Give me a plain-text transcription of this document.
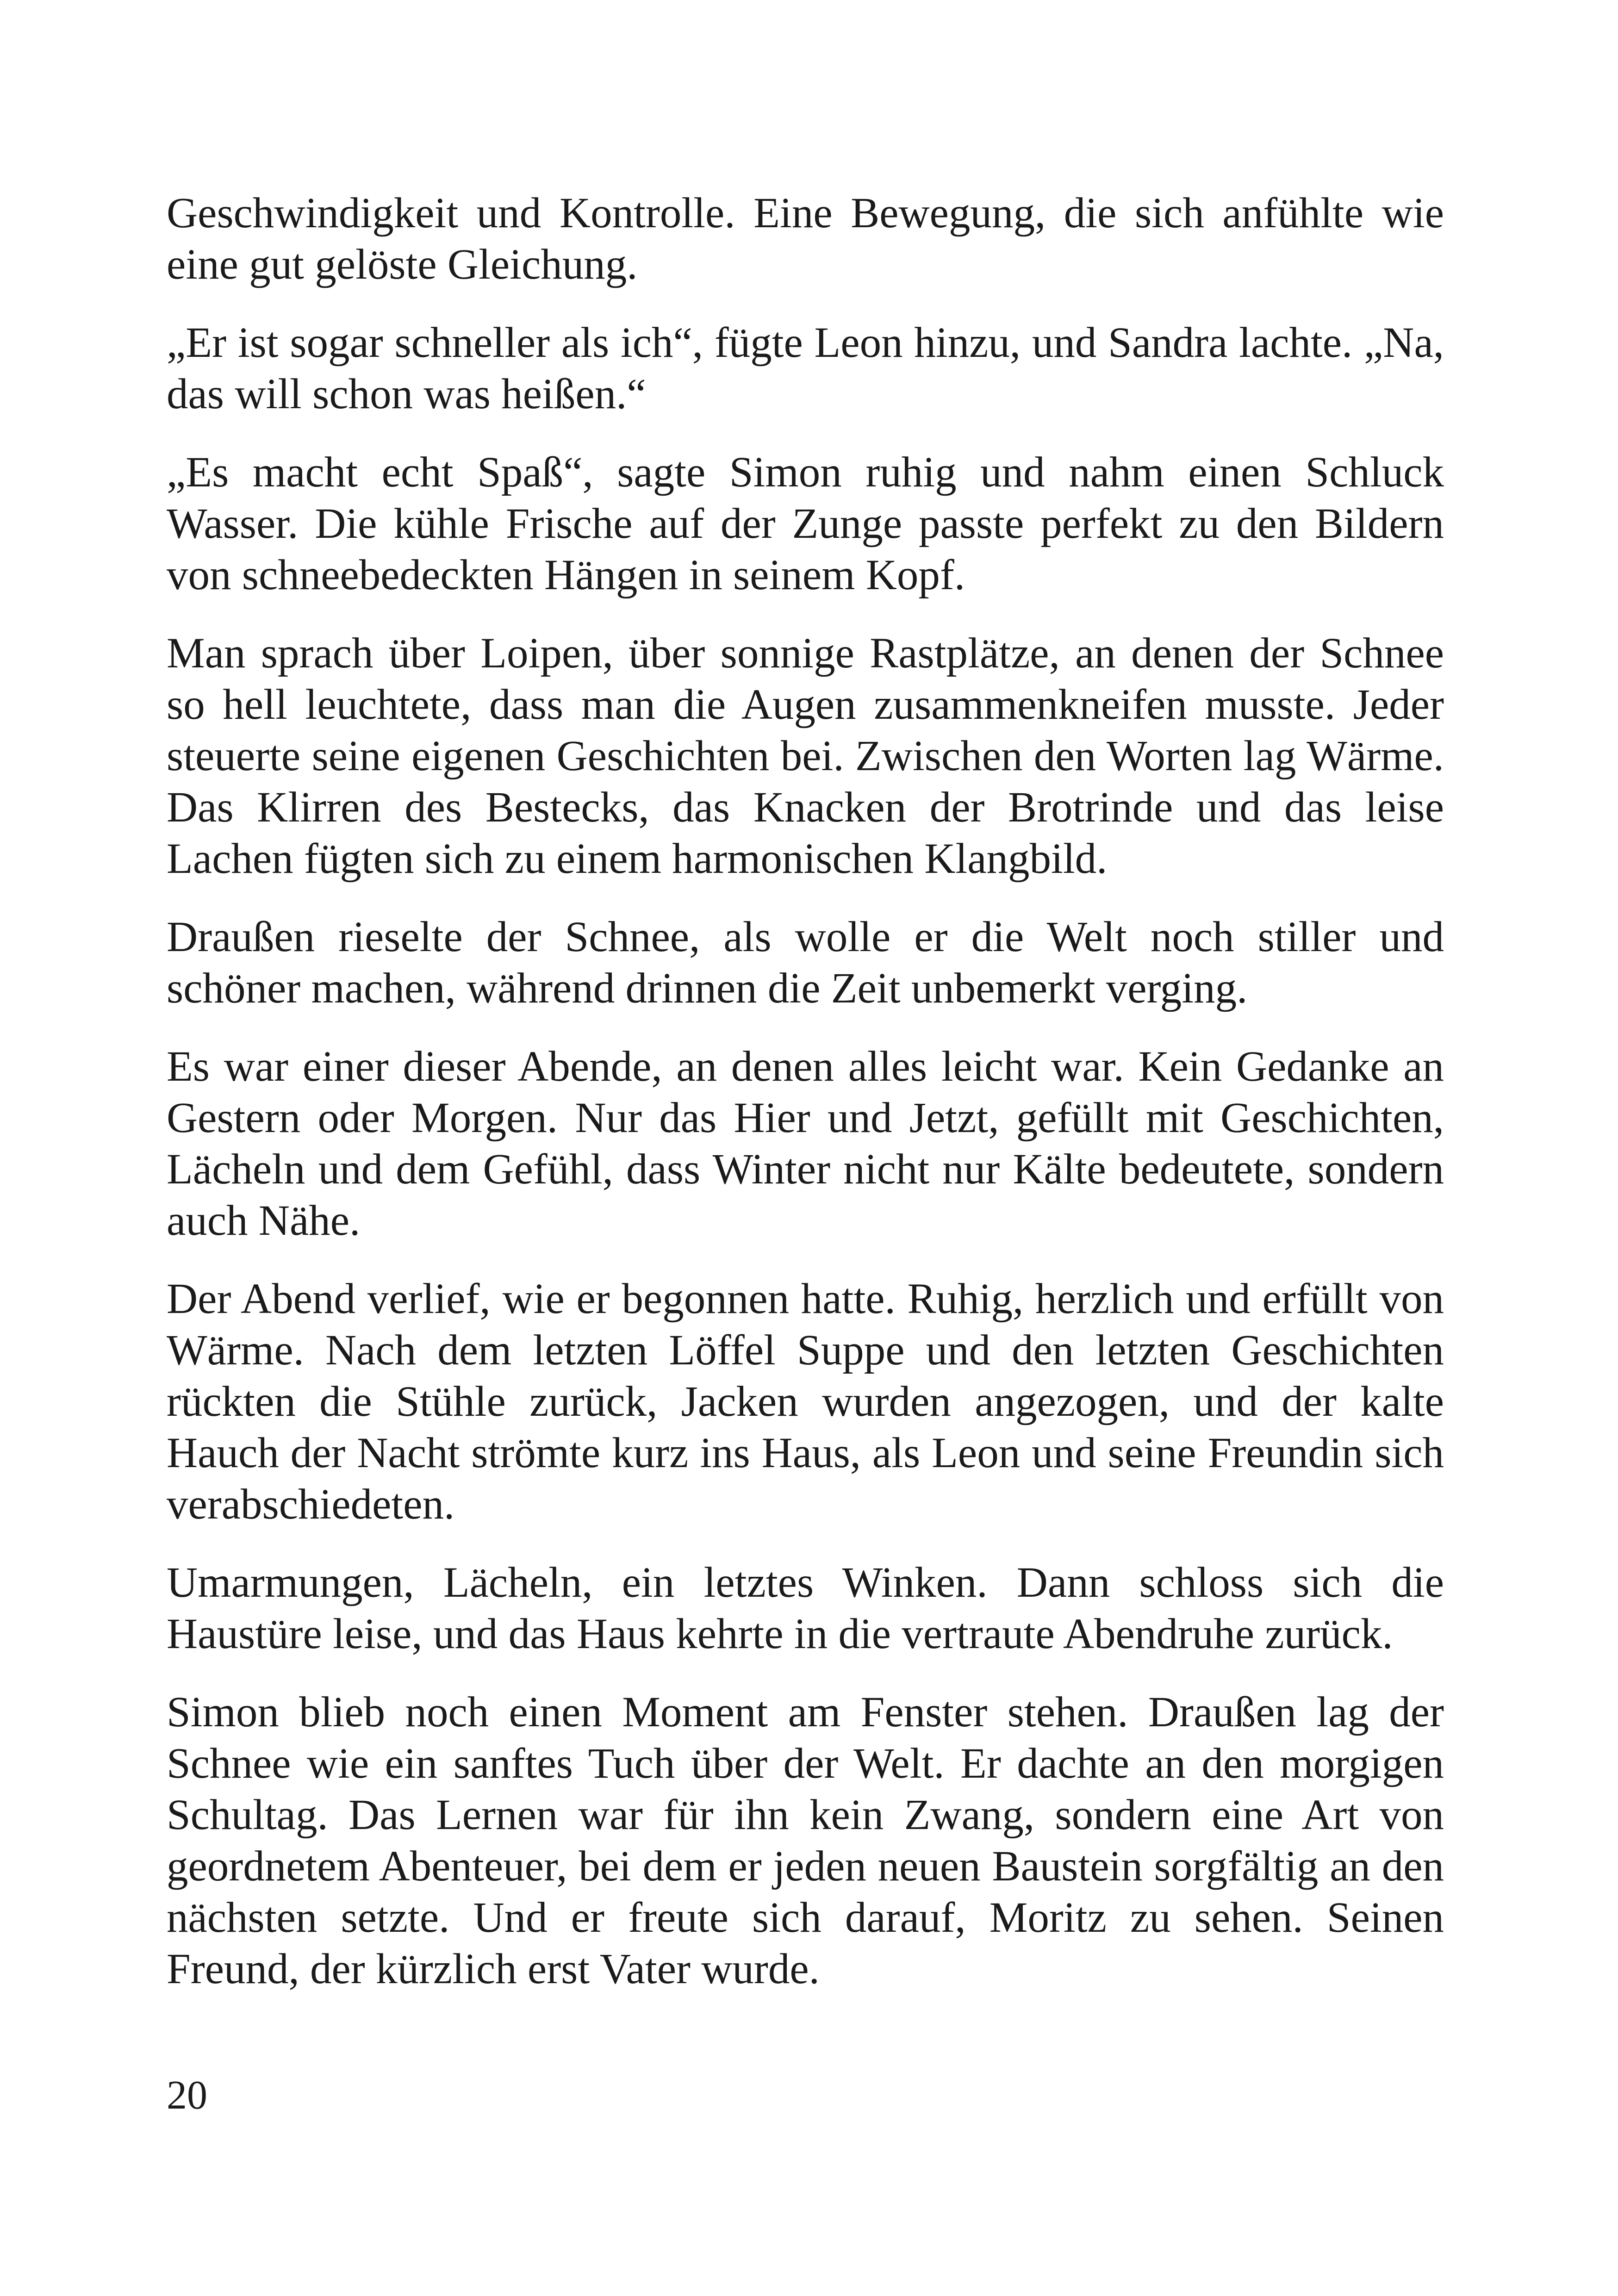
Geschwindigkeit und Kontrolle. Eine Bewegung, die sich anfühlte wie eine gut gelöste Gleichung.

„Er ist sogar schneller als ich“, fügte Leon hinzu, und Sandra lachte. „Na, das will schon was heißen.“

„Es macht echt Spaß“, sagte Simon ruhig und nahm einen Schluck Wasser. Die kühle Frische auf der Zunge passte perfekt zu den Bildern von schneebedeckten Hängen in seinem Kopf.

Man sprach über Loipen, über sonnige Rastplätze, an denen der Schnee so hell leuchtete, dass man die Augen zusammenkneifen musste. Jeder steuerte seine eigenen Geschichten bei. Zwischen den Worten lag Wärme. Das Klirren des Bestecks, das Knacken der Brotrinde und das leise Lachen fügten sich zu einem harmonischen Klangbild.

Draußen rieselte der Schnee, als wolle er die Welt noch stiller und schöner machen, während drinnen die Zeit unbemerkt verging.

Es war einer dieser Abende, an denen alles leicht war. Kein Gedanke an Gestern oder Morgen. Nur das Hier und Jetzt, gefüllt mit Geschichten, Lächeln und dem Gefühl, dass Winter nicht nur Kälte bedeutete, sondern auch Nähe.

Der Abend verlief, wie er begonnen hatte. Ruhig, herzlich und erfüllt von Wärme. Nach dem letzten Löffel Suppe und den letzten Geschichten rückten die Stühle zurück, Jacken wurden angezogen, und der kalte Hauch der Nacht strömte kurz ins Haus, als Leon und seine Freundin sich verabschiedeten.

Umarmungen, Lächeln, ein letztes Winken. Dann schloss sich die Haustüre leise, und das Haus kehrte in die vertraute Abendruhe zurück.

Simon blieb noch einen Moment am Fenster stehen. Draußen lag der Schnee wie ein sanftes Tuch über der Welt. Er dachte an den morgigen Schultag. Das Lernen war für ihn kein Zwang, sondern eine Art von geordnetem Abenteuer, bei dem er jeden neuen Baustein sorgfältig an den nächsten setzte. Und er freute sich darauf, Moritz zu sehen. Seinen Freund, der kürzlich erst Vater wurde.

20
